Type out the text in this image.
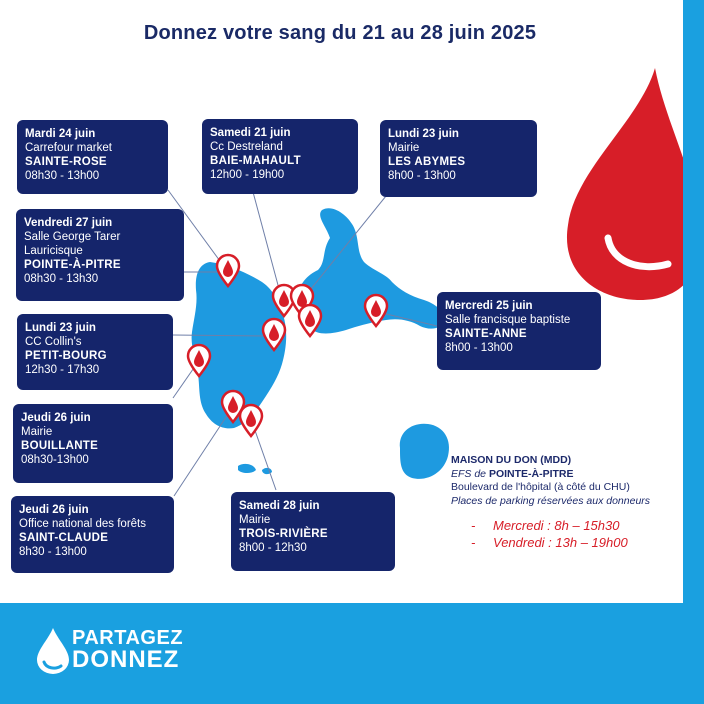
Donnez votre sang du 21 au 28 juin 2025
Mardi 24 juin
Carrefour market
SAINTE-ROSE
08h30 - 13h00
Samedi 21 juin
Cc Destreland
BAIE-MAHAULT
12h00 - 19h00
Lundi 23 juin
Mairie
LES ABYMES
8h00 - 13h00
Vendredi 27 juin
Salle George Tarer Lauricisque
POINTE-À-PITRE
08h30 - 13h30
Lundi 23 juin
CC Collin's
PETIT-BOURG
12h30 - 17h30
Mercredi 25 juin
Salle francisque baptiste
SAINTE-ANNE
8h00 - 13h00
Jeudi 26 juin
Mairie
BOUILLANTE
08h30-13h00
Jeudi 26 juin
Office national des forêts
SAINT-CLAUDE
8h30 - 13h00
Samedi 28 juin
Mairie
TROIS-RIVIÈRE
8h00 - 12h30
MAISON DU DON (MDD)
EFS de POINTE-À-PITRE
Boulevard de l'hôpital (à côté du CHU)
Places de parking réservées aux donneurs
-	Mercredi : 8h – 15h30
-	Vendredi : 13h – 19h00
PARTAGEZ
DONNEZ
